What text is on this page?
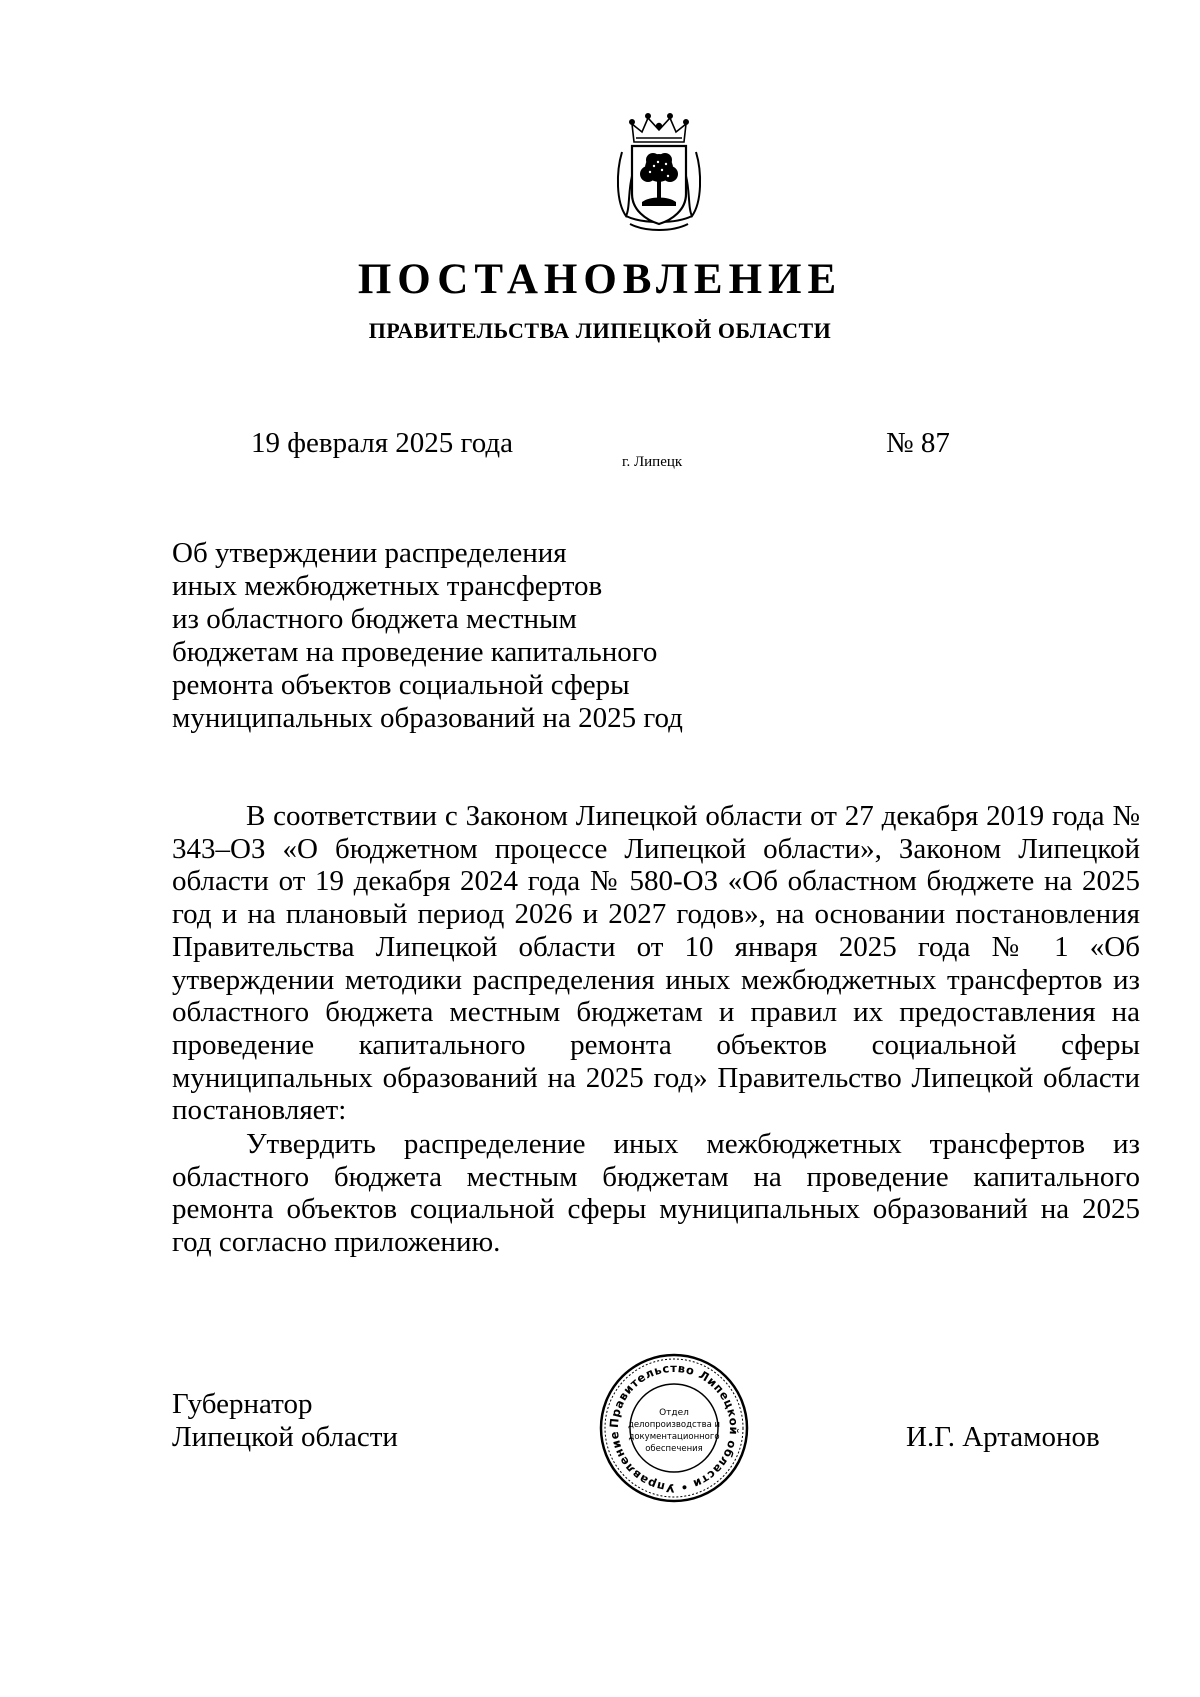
ПОСТАНОВЛЕНИЕ
ПРАВИТЕЛЬСТВА ЛИПЕЦКОЙ ОБЛАСТИ
19 февраля 2025 года
г. Липецк
№ 87
Об утверждении распределения
иных межбюджетных трансфертов
из областного бюджета местным
бюджетам на проведение капитального
ремонта объектов социальной сферы
муниципальных образований на 2025 год

В соответствии с Законом Липецкой области от 27 декабря 2019 года № 343–ОЗ «О бюджетном процессе Липецкой области», Законом Липецкой области от 19 декабря 2024 года № 580-ОЗ «Об областном бюджете на 2025 год и на плановый период 2026 и 2027 годов», на основании постановления Правительства Липецкой области от 10 января 2025 года № 1 «Об утверждении методики распределения иных межбюджетных трансфертов из областного бюджета местным бюджетам и правил их предоставления на проведение капитального ремонта объектов социальной сферы муниципальных образований на 2025 год» Правительство Липецкой области постановляет:

Утвердить распределение иных межбюджетных трансфертов из областного бюджета местным бюджетам на проведение капитального ремонта объектов социальной сферы муниципальных образований на 2025 год согласно приложению.

Губернатор
Липецкой области	Правительство Липецкой области • Управление
Отдел
делопроизводства и
документационного
обеспечения	И.Г. Артамонов
